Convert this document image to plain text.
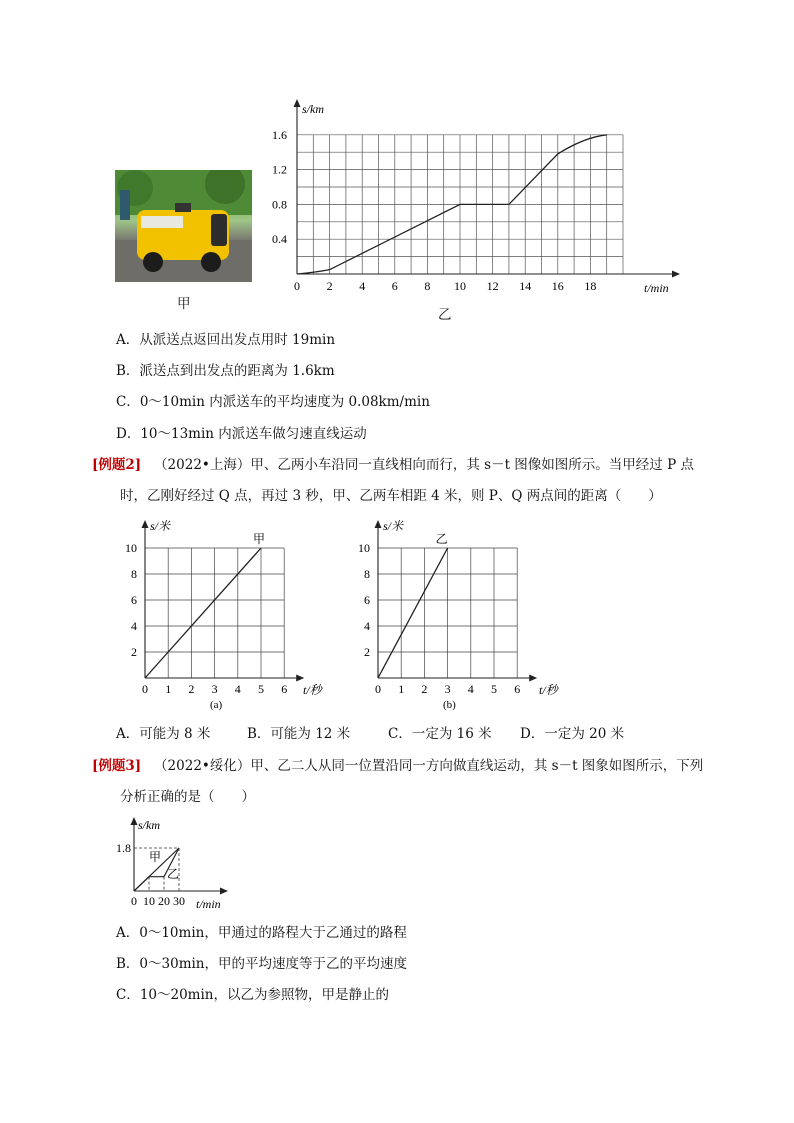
甲
0 2 4 6 8 10 12 14 16 18
0.4
0.8
1.2
1.6
s/km
t/min
乙
A．从派送点返回出发点用时 19min
B．派送点到出发点的距离为 1.6km
C．0～10min 内派送车的平均速度为 0.08km/min
D．10～13min 内派送车做匀速直线运动
[例题2] （2022•上海）甲、乙两小车沿同一直线相向而行，其 s－t 图像如图所示。当甲经过 P 点
时，乙刚好经过 Q 点，再过 3 秒，甲、乙两车相距 4 米，则 P、Q 两点间的距离（　　）
0 1 2 3 4 5 6
2
4
6
8
10
s/米
t/秒
甲
(a)
0 1 2 3 4 5 6
2
4
6
8
10
s/米
t/秒
乙
(b)
A．可能为 8 米	B．可能为 12 米	C．一定为 16 米 D．一定为 20 米
[例题3] （2022•绥化）甲、乙二人从同一位置沿同一方向做直线运动，其 s－t 图象如图所示，下列
分析正确的是（　　）
0 10 20 30
1.8
s/km
t/min
甲
乙
A．0～10min，甲通过的路程大于乙通过的路程
B．0～30min，甲的平均速度等于乙的平均速度
C．10～20min，以乙为参照物，甲是静止的
